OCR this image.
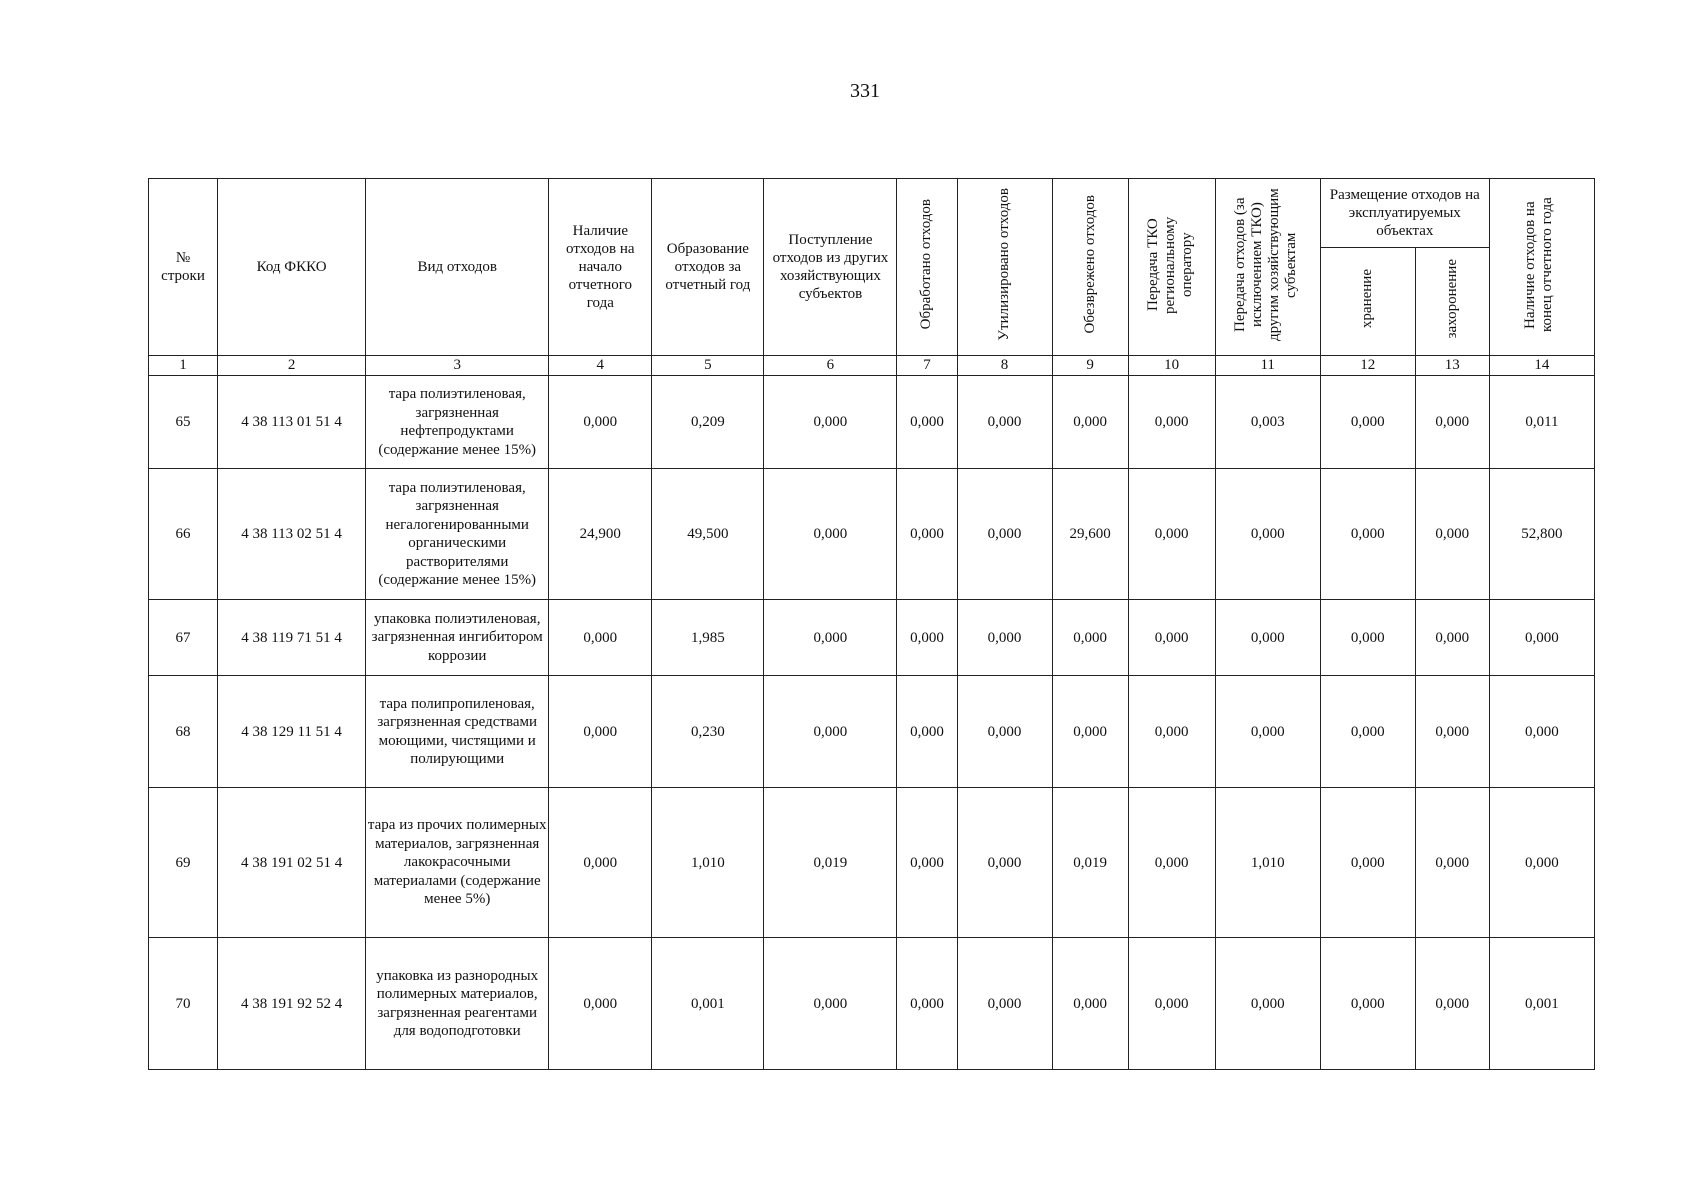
331
№ строки	Код ФККО	Вид отходов	Наличие отходов на начало отчетного года	Образование отходов за отчетный год	Поступление отходов из других хозяйствующих субъектов	Обработано отходов	Утилизировано отходов	Обезврежено отходов	Передача ТКО региональному оператору	Передача отходов (за исключением ТКО) другим хозяйствующим субъектам	Размещение отходов на эксплуатируемых объектах		Наличие отходов на конец отчетного года
											хранение	захоронение	
1	2	3	4	5	6	7	8	9	10	11	12	13	14
65	4 38 113 01 51 4	тара полиэтиленовая, загрязненная нефтепродуктами (содержание менее 15%)	0,000	0,209	0,000	0,000	0,000	0,000	0,000	0,003	0,000	0,000	0,011
66	4 38 113 02 51 4	тара полиэтиленовая, загрязненная негалогенированными органическими растворителями (содержание менее 15%)	24,900	49,500	0,000	0,000	0,000	29,600	0,000	0,000	0,000	0,000	52,800
67	4 38 119 71 51 4	упаковка полиэтиленовая, загрязненная ингибитором коррозии	0,000	1,985	0,000	0,000	0,000	0,000	0,000	0,000	0,000	0,000	0,000
68	4 38 129 11 51 4	тара полипропиленовая, загрязненная средствами моющими, чистящими и полирующими	0,000	0,230	0,000	0,000	0,000	0,000	0,000	0,000	0,000	0,000	0,000
69	4 38 191 02 51 4	тара из прочих полимерных материалов, загрязненная лакокрасочными материалами (содержание менее 5%)	0,000	1,010	0,019	0,000	0,000	0,019	0,000	1,010	0,000	0,000	0,000
70	4 38 191 92 52 4	упаковка из разнородных полимерных материалов, загрязненная реагентами для водоподготовки	0,000	0,001	0,000	0,000	0,000	0,000	0,000	0,000	0,000	0,000	0,001
